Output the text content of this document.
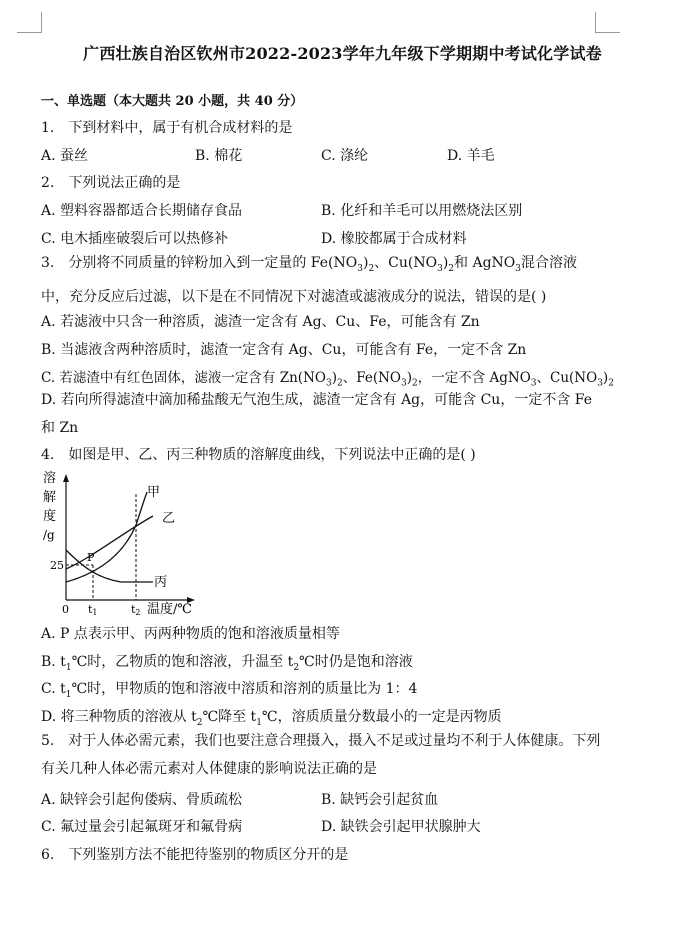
广西壮族自治区钦州市2022-2023学年九年级下学期期中考试化学试卷
一、单选题（本大题共 20 小题，共 40 分）
1. 下到材料中，属于有机合成材料的是
A. 蚕丝	B. 棉花	C. 涤纶	D. 羊毛
2. 下列说法正确的是
A. 塑料容器都适合长期储存食品	B. 化纤和羊毛可以用燃烧法区别
C. 电木插座破裂后可以热修补	D. 橡胶都属于合成材料
3. 分别将不同质量的锌粉加入到一定量的 $Fe(NO_3)_2$、$Cu(NO_3)_2$和 AgNO$_3$混合溶液中，充分反应后过滤，以下是在不同情况下对滤渣或滤液成分的说法，错误的是( )
A. 若滤液中只含一种溶质，滤渣一定含有 Ag、Cu、Fe，可能含有 Zn
B. 当滤液含两种溶质时，滤渣一定含有 Ag、Cu，可能含有 Fe，一定不含 Zn
C. 若滤渣中有红色固体，滤液一定含有 $Zn(NO_3)_2$、$Fe(NO_3)_2$，一定不含 AgNO$_3$、$Cu(NO_3)_2$
D. 若向所得滤渣中滴加稀盐酸无气泡生成，滤渣一定含有 Ag，可能含 Cu，一定不含 Fe 和 Zn
4. 如图是甲、乙、丙三种物质的溶解度曲线，下列说法中正确的是( )
溶
解
度
/g
25
甲
乙
丙
P
0 t1	t2 温度/℃
A. P 点表示甲、丙两种物质的饱和溶液质量相等
B. $t_1℃$时，乙物质的饱和溶液，升温至 $t_2℃$时仍是饱和溶液
C. $t_1℃$时，甲物质的饱和溶液中溶质和溶剂的质量比为 1：4
D. 将三种物质的溶液从 $t_2℃$降至 $t_1℃$，溶质质量分数最小的一定是丙物质
5. 对于人体必需元素，我们也要注意合理摄入，摄入不足或过量均不利于人体健康。下列有关几种人体必需元素对人体健康的影响说法正确的是
A. 缺锌会引起佝偻病、骨质疏松	B. 缺钙会引起贫血
C. 氟过量会引起氟斑牙和氟骨病	D. 缺铁会引起甲状腺肿大
6. 下列鉴别方法不能把待鉴别的物质区分开的是
